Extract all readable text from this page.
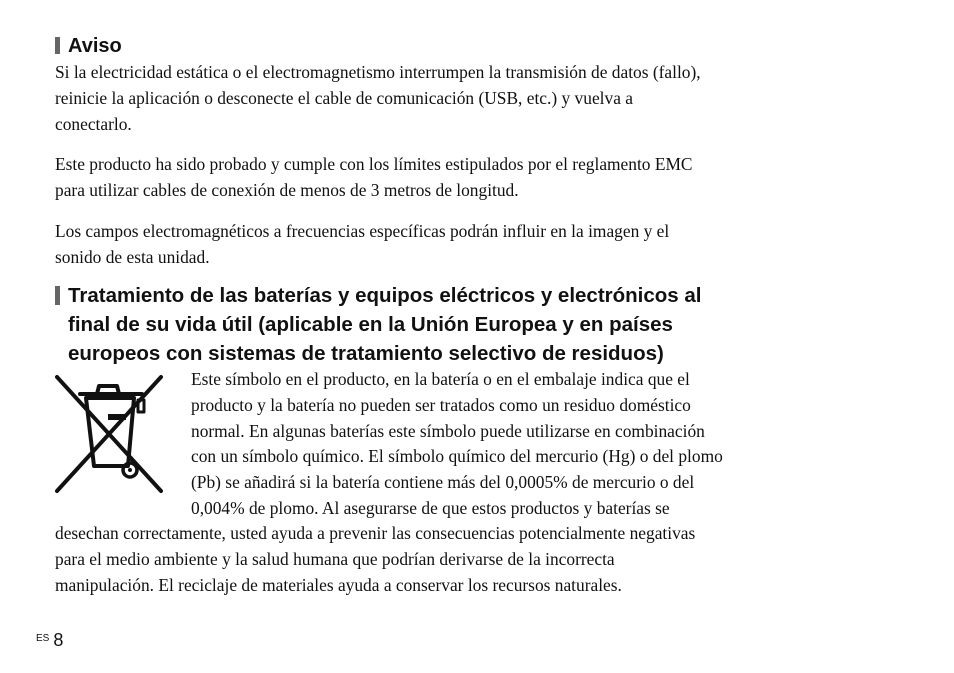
Aviso

Si la electricidad estática o el electromagnetismo interrumpen la transmisión de datos (fallo),
reinicie la aplicación o desconecte el cable de comunicación (USB, etc.) y vuelva a
conectarlo.

Este producto ha sido probado y cumple con los límites estipulados por el reglamento EMC
para utilizar cables de conexión de menos de 3 metros de longitud.

Los campos electromagnéticos a frecuencias específicas podrán influir en la imagen y el
sonido de esta unidad.

Tratamiento de las baterías y equipos eléctricos y electrónicos al
final de su vida útil (aplicable en la Unión Europea y en países
europeos con sistemas de tratamiento selectivo de residuos)

Este símbolo en el producto, en la batería o en el embalaje indica que el
producto y la batería no pueden ser tratados como un residuo doméstico
normal. En algunas baterías este símbolo puede utilizarse en combinación
con un símbolo químico. El símbolo químico del mercurio (Hg) o del plomo
(Pb) se añadirá si la batería contiene más del 0,0005% de mercurio o del
0,004% de plomo. Al asegurarse de que estos productos y baterías se

desechan correctamente, usted ayuda a prevenir las consecuencias potencialmente negativas
para el medio ambiente y la salud humana que podrían derivarse de la incorrecta
manipulación. El reciclaje de materiales ayuda a conservar los recursos naturales.

$^{ES}$ 8
